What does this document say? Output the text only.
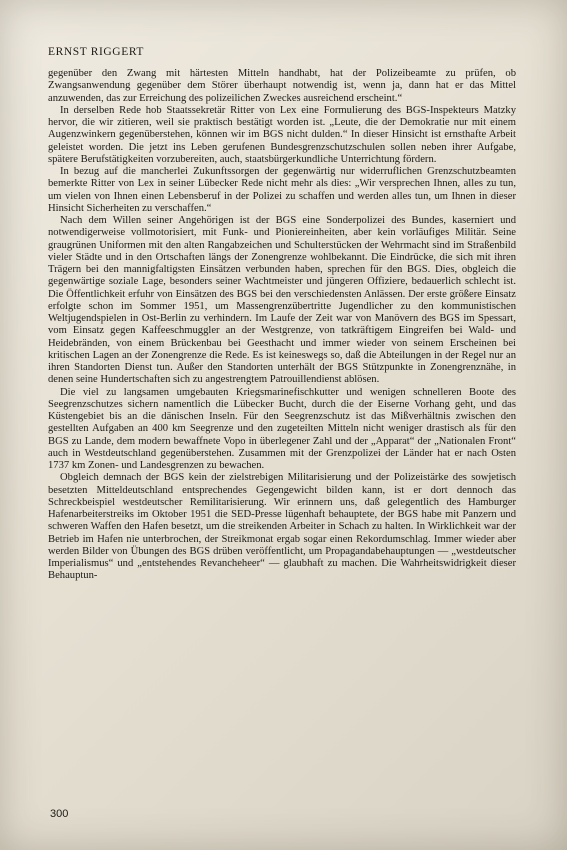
ERNST RIGGERT

gegenüber den Zwang mit härtesten Mitteln handhabt, hat der Polizeibeamte zu prüfen, ob Zwangsanwendung gegenüber dem Störer überhaupt notwendig ist, wenn ja, dann hat er das Mittel anzuwenden, das zur Erreichung des polizeilichen Zweckes ausreichend erscheint.“

In derselben Rede hob Staatssekretär Ritter von Lex eine Formulierung des BGS-Inspekteurs Matzky hervor, die wir zitieren, weil sie praktisch bestätigt worden ist. „Leute, die der Demokratie nur mit einem Augenzwinkern gegenüberstehen, können wir im BGS nicht dulden.“ In dieser Hinsicht ist ernsthafte Arbeit geleistet worden. Die jetzt ins Leben gerufenen Bundesgrenzschutzschulen sollen neben ihrer Aufgabe, spätere Berufstätigkeiten vorzubereiten, auch, staatsbürgerkundliche Unterrichtung fördern.

In bezug auf die mancherlei Zukunftssorgen der gegenwärtig nur widerruflichen Grenzschutzbeamten bemerkte Ritter von Lex in seiner Lübecker Rede nicht mehr als dies: „Wir versprechen Ihnen, alles zu tun, um vielen von Ihnen einen Lebensberuf in der Polizei zu schaffen und werden alles tun, um Ihnen in dieser Hinsicht Sicherheiten zu verschaffen.“

Nach dem Willen seiner Angehörigen ist der BGS eine Sonderpolizei des Bundes, kaserniert und notwendigerweise vollmotorisiert, mit Funk- und Pioniereinheiten, aber kein vorläufiges Militär. Seine graugrünen Uniformen mit den alten Rangabzeichen und Schulterstücken der Wehrmacht sind im Straßenbild vieler Städte und in den Ortschaften längs der Zonengrenze wohlbekannt. Die Eindrücke, die sich mit ihren Trägern bei den mannigfaltigsten Einsätzen verbunden haben, sprechen für den BGS. Dies, obgleich die gegenwärtige soziale Lage, besonders seiner Wachtmeister und jüngeren Offiziere, bedauerlich schlecht ist. Die Öffentlichkeit erfuhr von Einsätzen des BGS bei den verschiedensten Anlässen. Der erste größere Einsatz erfolgte schon im Sommer 1951, um Massengrenzübertritte Jugendlicher zu den kommunistischen Weltjugendspielen in Ost-Berlin zu verhindern. Im Laufe der Zeit war von Manövern des BGS im Spessart, vom Einsatz gegen Kaffeeschmuggler an der Westgrenze, von tatkräftigem Eingreifen bei Wald- und Heidebränden, von einem Brückenbau bei Geesthacht und immer wieder von seinem Erscheinen bei kritischen Lagen an der Zonengrenze die Rede. Es ist keineswegs so, daß die Abteilungen in der Regel nur an ihren Standorten Dienst tun. Außer den Standorten unterhält der BGS Stützpunkte in Zonengrenznähe, in denen seine Hundertschaften sich zu angestrengtem Patrouillendienst ablösen.

Die viel zu langsamen umgebauten Kriegsmarinefischkutter und wenigen schnelleren Boote des Seegrenzschutzes sichern namentlich die Lübecker Bucht, durch die der Eiserne Vorhang geht, und das Küstengebiet bis an die dänischen Inseln. Für den Seegrenzschutz ist das Mißverhältnis zwischen den gestellten Aufgaben an 400 km Seegrenze und den zugeteilten Mitteln nicht weniger drastisch als für den BGS zu Lande, dem modern bewaffnete Vopo in überlegener Zahl und der „Apparat“ der „Nationalen Front“ auch in Westdeutschland gegenüberstehen. Zusammen mit der Grenzpolizei der Länder hat er nach Osten 1737 km Zonen- und Landesgrenzen zu bewachen.

Obgleich demnach der BGS kein der zielstrebigen Militarisierung und der Polizeistärke des sowjetisch besetzten Mitteldeutschland entsprechendes Gegengewicht bilden kann, ist er dort dennoch das Schreckbeispiel westdeutscher Remilitarisierung. Wir erinnern uns, daß gelegentlich des Hamburger Hafenarbeiterstreiks im Oktober 1951 die SED-Presse lügenhaft behauptete, der BGS habe mit Panzern und schweren Waffen den Hafen besetzt, um die streikenden Arbeiter in Schach zu halten. In Wirklichkeit war der Betrieb im Hafen nie unterbrochen, der Streikmonat ergab sogar einen Rekordumschlag. Immer wieder aber werden Bilder von Übungen des BGS drüben veröffentlicht, um Propagandabehauptungen — „westdeutscher Imperialismus“ und „entstehendes Revancheheer“ — glaubhaft zu machen. Die Wahrheitswidrigkeit dieser Behauptun-

300
